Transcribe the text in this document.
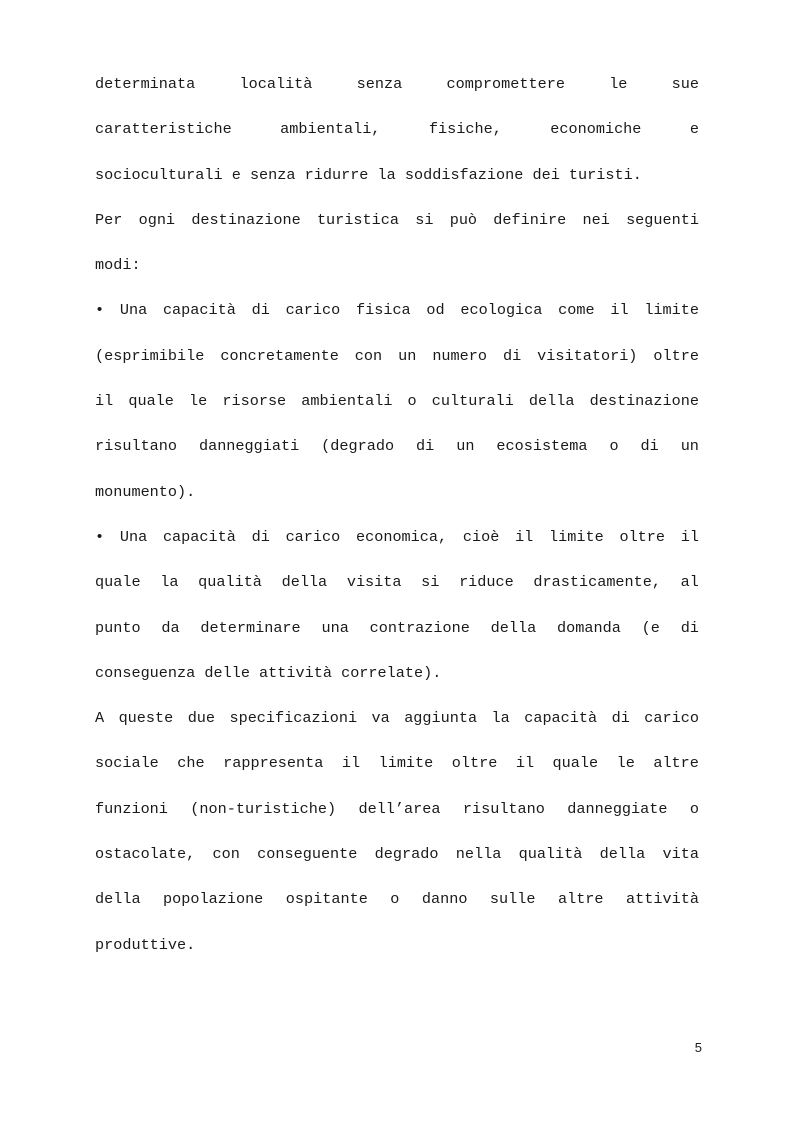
determinata	località	senza	compromettere	le	sue
caratteristiche	ambientali,	fisiche,	economiche	e
socioculturali e senza ridurre la soddisfazione dei turisti.
Per ogni destinazione turistica si può definire nei seguenti
modi:
• Una capacità di carico fisica od ecologica come il limite
(esprimibile concretamente con un numero di visitatori) oltre
il quale le risorse ambientali o culturali della destinazione
risultano danneggiati (degrado di un ecosistema o di un
monumento).
• Una capacità di carico economica, cioè il limite oltre il
quale la qualità della visita si riduce drasticamente, al
punto da determinare una contrazione della domanda (e di
conseguenza delle attività correlate).
A queste due specificazioni va aggiunta la capacità di carico
sociale che rappresenta il limite oltre il quale le altre
funzioni (non-turistiche) dell’area risultano danneggiate o
ostacolate, con conseguente degrado nella qualità della vita
della popolazione ospitante o danno sulle altre attività
produttive.
5
